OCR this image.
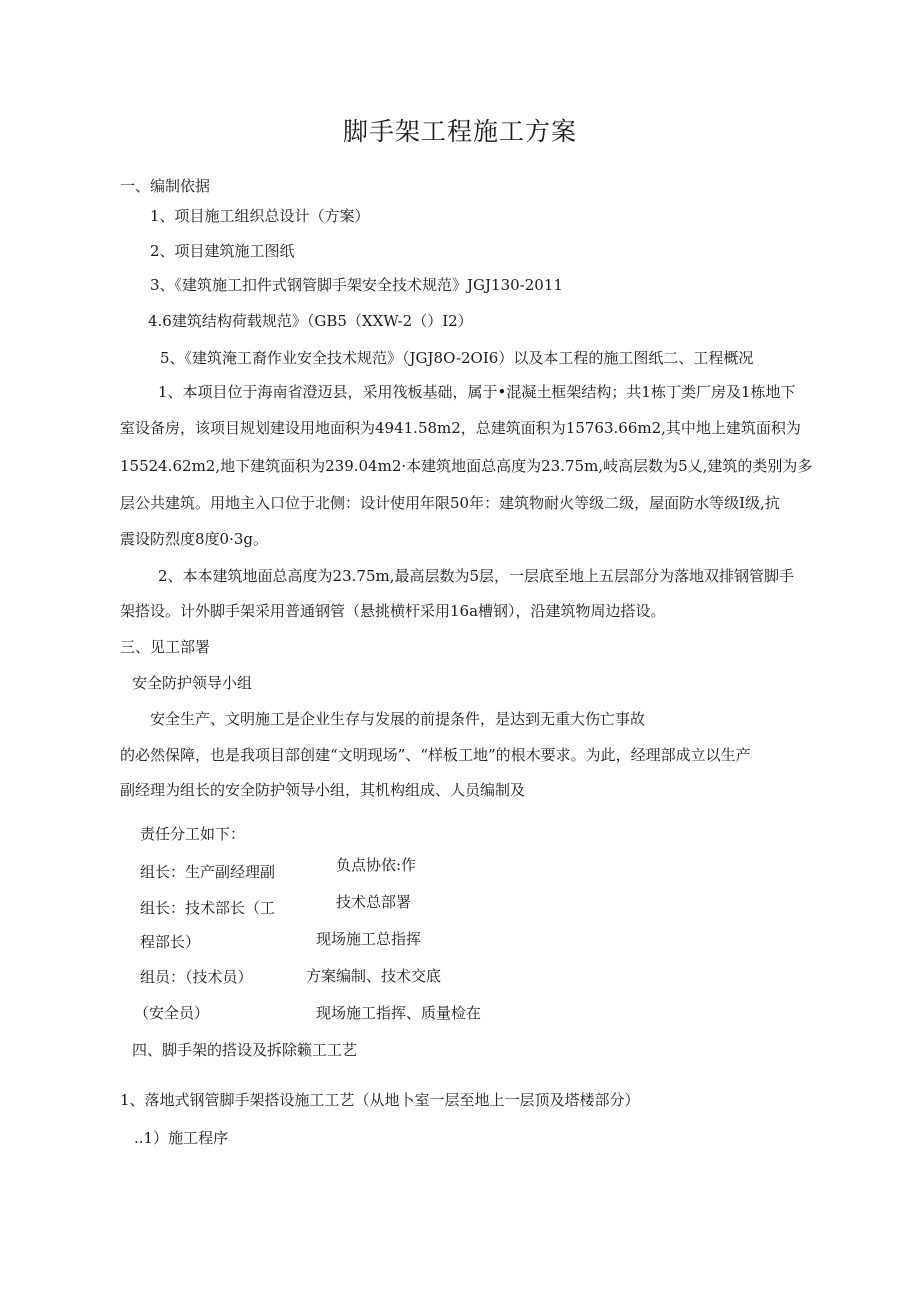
脚手架工程施工方案
一、编制依据
1、项目施工组织总设计（方案）
2、项目建筑施工图纸
3、《建筑施工扣件式钢管脚手架安全技术规范》JGJ130-2011
4.6建筑结构荷载规范》（GB5（XXW-2（）I2）
5、《建筑淹工裔作业安全技术规范》（JGJ8O-2OI6）以及本工程的施工图纸二、工程概况
1、本项目位于海南省澄迈县，采用筏板基础，属于•混凝土框架结构；共1栋丁类厂房及1栋地下
室设备房，该项目规划建设用地面积为4941.58m2，总建筑面积为15763.66m2,其中地上建筑面积为
15524.62m2,地下建筑面积为239.04m2·本建筑地面总高度为23.75m,岐高层数为5乂,建筑的类别为多
层公共建筑。用地主入口位于北侧：设计使用年限50年：建筑物耐火等级二级，屋面防水等级I级,抗
震设防烈度8度0·3g。
2、本本建筑地面总高度为23.75m,最高层数为5层，一层底至地上五层部分为落地双排钢管脚手
架搭设。计外脚手架采用普通钢管（悬挑横杆采用16a槽钢），沿建筑物周边搭设。
三、见工部署
安全防护领导小组
安全生产、文明施工是企业生存与发展的前提条件，是达到无重大伤亡事故
的必然保障，也是我项目部创建“文明现场”、“样板工地”的根木要求。为此，经理部成立以生产
副经理为组长的安全防护领导小组，其机构组成、人员编制及
责任分工如下：
组长：生产副经理副	负点协依:作
组长：技术部长（工	技术总部署
程部长）	现场施工总指挥
组员：（技术员）	方案编制、技术交底
（安全员）	现场施工指挥、质量检在
四、脚手架的搭设及拆除籁工工艺
1、落地式钢管脚手架搭设施工工艺（从地卜室一层至地上一层顶及塔楼部分）
..1）施工程序
